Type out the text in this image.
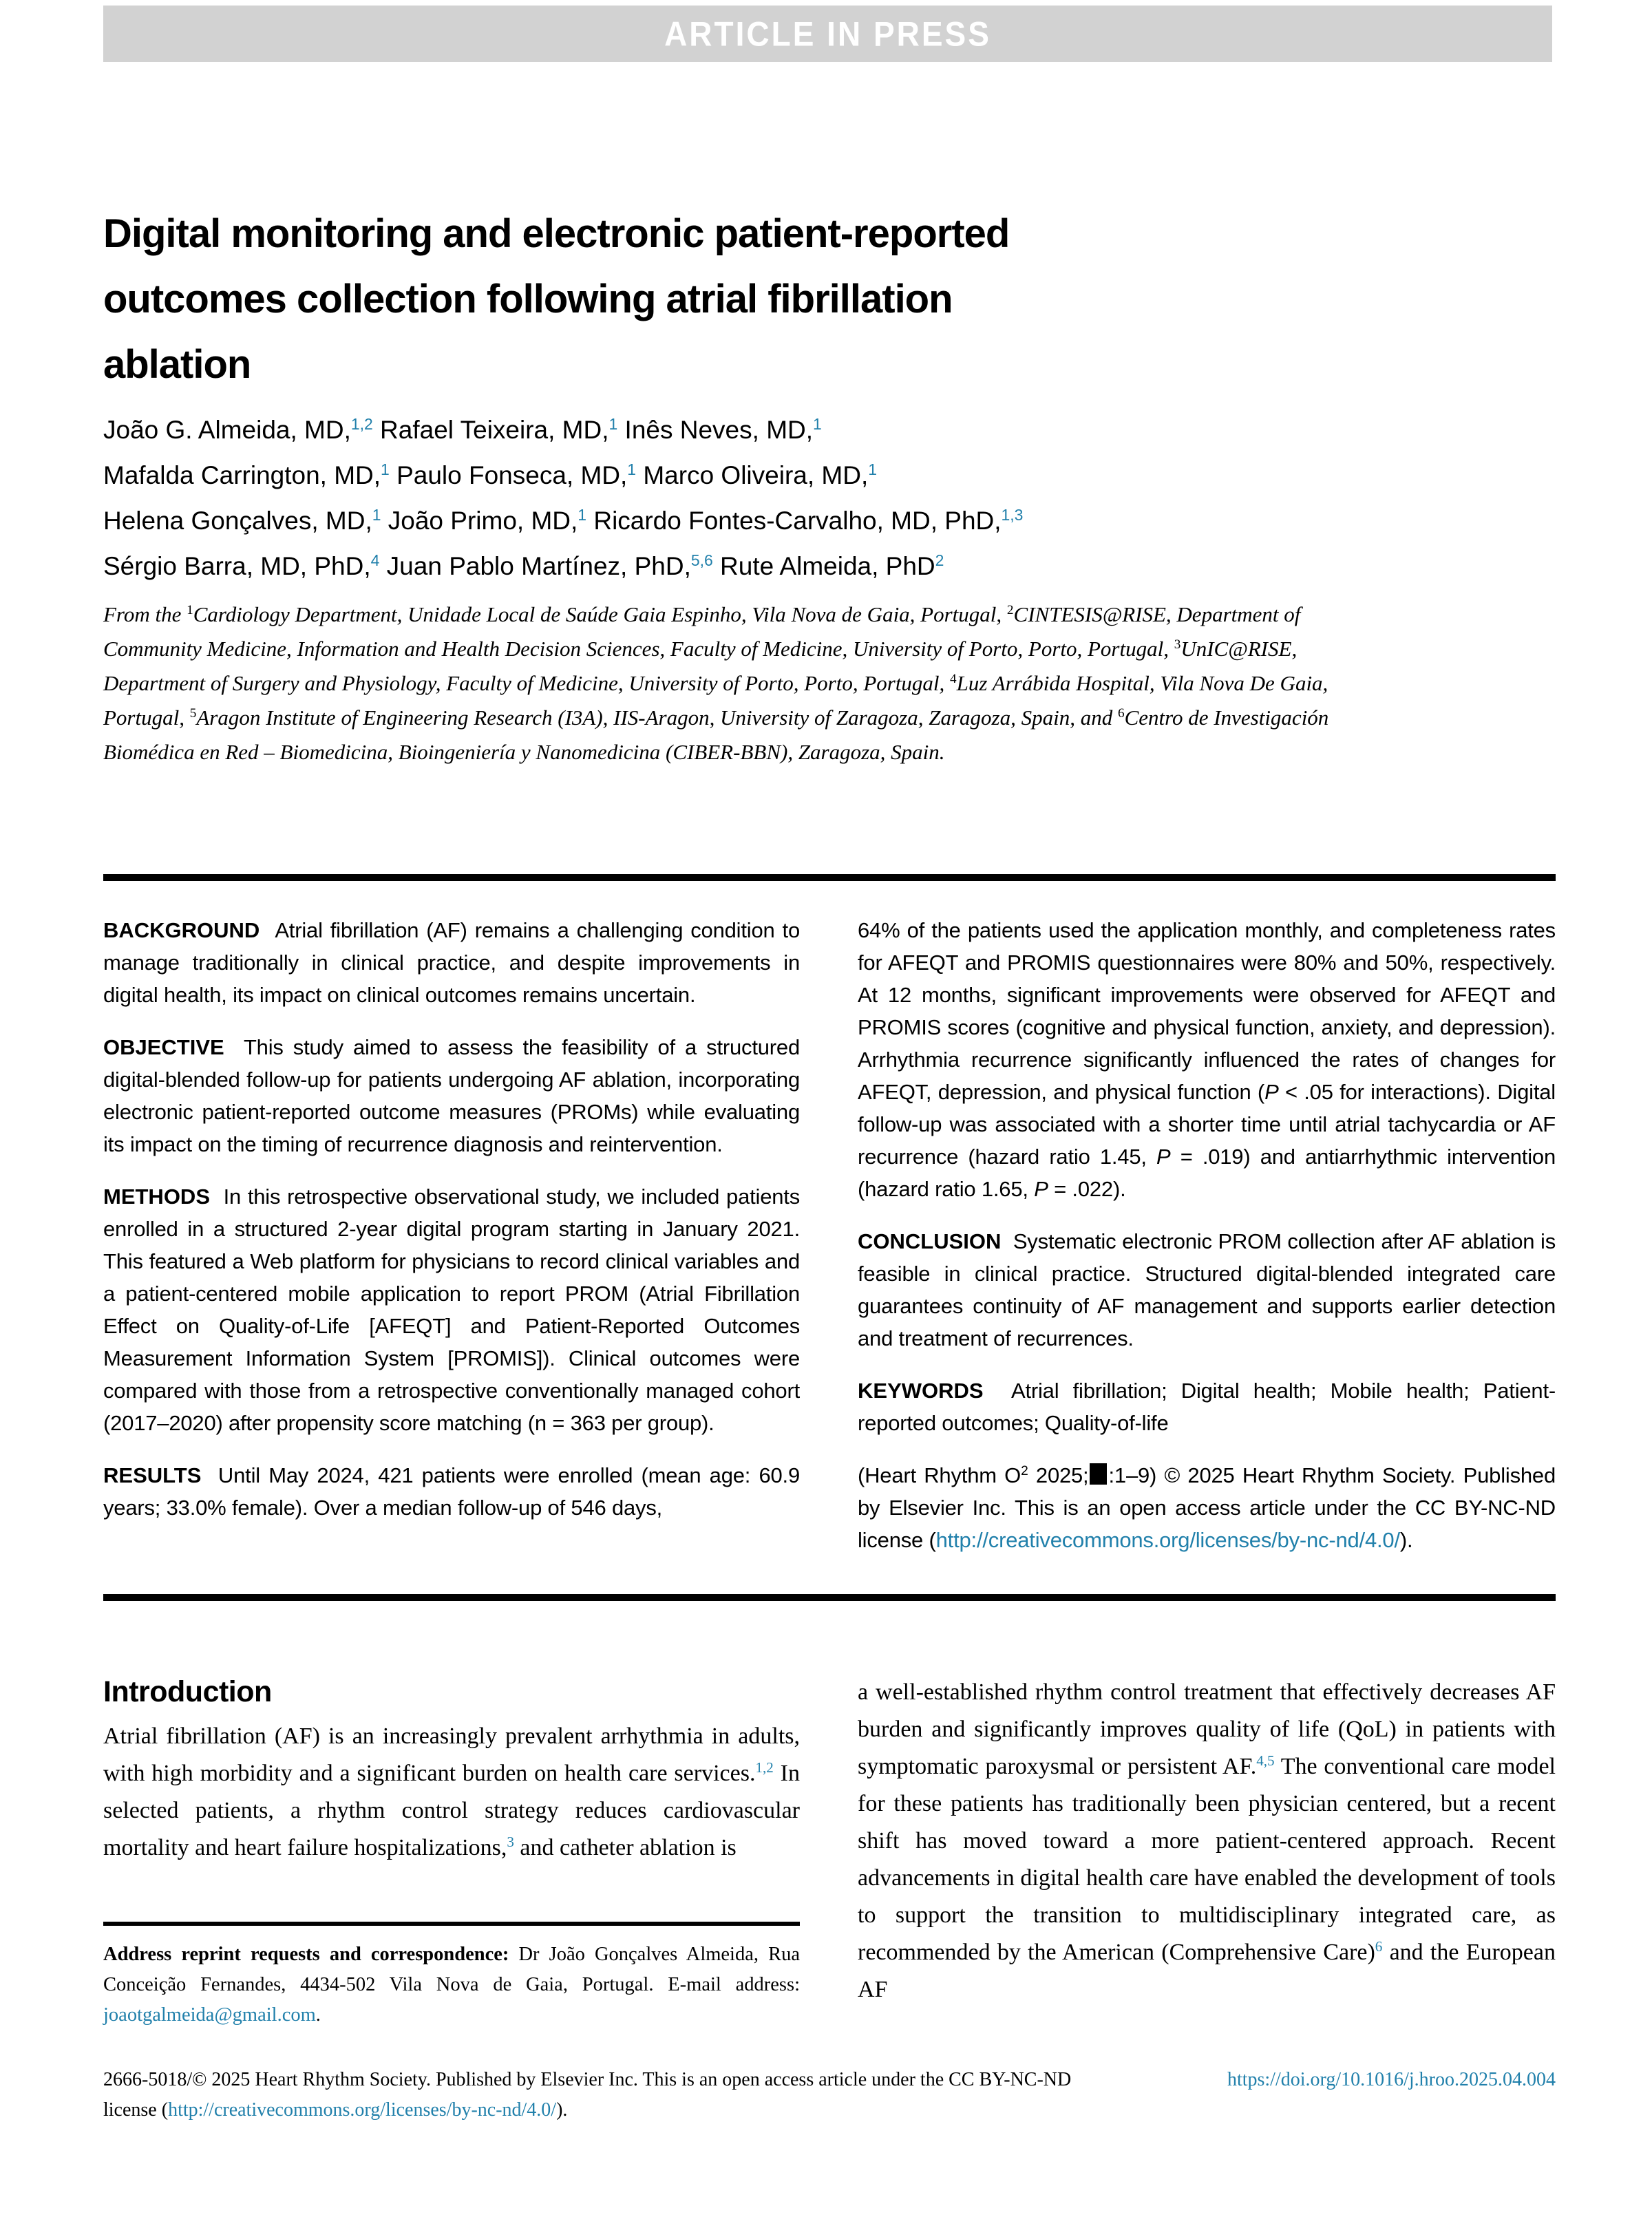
ARTICLE IN PRESS
Digital monitoring and electronic patient-reported
outcomes collection following atrial fibrillation
ablation
João G. Almeida, MD,$^{1,2}$ Rafael Teixeira, MD,$^1$ Inês Neves, MD,$^1$
Mafalda Carrington, MD,$^1$ Paulo Fonseca, MD,$^1$ Marco Oliveira, MD,$^1$
Helena Gonçalves, MD,$^1$ João Primo, MD,$^1$ Ricardo Fontes-Carvalho, MD, PhD,$^{1,3}$
Sérgio Barra, MD, PhD,$^4$ Juan Pablo Martínez, PhD,$^{5,6}$ Rute Almeida, PhD$^2$
From the $^1$Cardiology Department, Unidade Local de Saúde Gaia Espinho, Vila Nova de Gaia, Portugal, $^2$CINTESIS@RISE, Department of Community Medicine, Information and Health Decision Sciences, Faculty of Medicine, University of Porto, Porto, Portugal, $^3$UnIC@RISE, Department of Surgery and Physiology, Faculty of Medicine, University of Porto, Porto, Portugal, $^4$Luz Arrábida Hospital, Vila Nova De Gaia, Portugal, $^5$Aragon Institute of Engineering Research (I3A), IIS-Aragon, University of Zaragoza, Zaragoza, Spain, and $^6$Centro de Investigación Biomédica en Red – Biomedicina, Bioingeniería y Nanomedicina (CIBER-BBN), Zaragoza, Spain.

BACKGROUND Atrial fibrillation (AF) remains a challenging condition to manage traditionally in clinical practice, and despite improvements in digital health, its impact on clinical outcomes remains uncertain.

OBJECTIVE This study aimed to assess the feasibility of a structured digital-blended follow-up for patients undergoing AF ablation, incorporating electronic patient-reported outcome measures (PROMs) while evaluating its impact on the timing of recurrence diagnosis and reintervention.

METHODS In this retrospective observational study, we included patients enrolled in a structured 2-year digital program starting in January 2021. This featured a Web platform for physicians to record clinical variables and a patient-centered mobile application to report PROM (Atrial Fibrillation Effect on Quality-of-Life [AFEQT] and Patient-Reported Outcomes Measurement Information System [PROMIS]). Clinical outcomes were compared with those from a retrospective conventionally managed cohort (2017–2020) after propensity score matching (n = 363 per group).

RESULTS Until May 2024, 421 patients were enrolled (mean age: 60.9 years; 33.0% female). Over a median follow-up of 546 days,

64% of the patients used the application monthly, and completeness rates for AFEQT and PROMIS questionnaires were 80% and 50%, respectively. At 12 months, significant improvements were observed for AFEQT and PROMIS scores (cognitive and physical function, anxiety, and depression). Arrhythmia recurrence significantly influenced the rates of changes for AFEQT, depression, and physical function (P < .05 for interactions). Digital follow-up was associated with a shorter time until atrial tachycardia or AF recurrence (hazard ratio 1.45, P = .019) and antiarrhythmic intervention (hazard ratio 1.65, P = .022).

CONCLUSION Systematic electronic PROM collection after AF ablation is feasible in clinical practice. Structured digital-blended integrated care guarantees continuity of AF management and supports earlier detection and treatment of recurrences.

KEYWORDS Atrial fibrillation; Digital health; Mobile health; Patient-reported outcomes; Quality-of-life

(Heart Rhythm $O^2$ 2025; :1–9) © 2025 Heart Rhythm Society. Published by Elsevier Inc. This is an open access article under the CC BY-NC-ND license (http://creativecommons.org/licenses/by-nc-nd/4.0/).

Introduction

Atrial fibrillation (AF) is an increasingly prevalent arrhythmia in adults, with high morbidity and a significant burden on health care services.$^{1,2}$ In selected patients, a rhythm control strategy reduces cardiovascular mortality and heart failure hospitalizations,$^3$ and catheter ablation is

a well-established rhythm control treatment that effectively decreases AF burden and significantly improves quality of life (QoL) in patients with symptomatic paroxysmal or persistent AF.$^{4,5}$ The conventional care model for these patients has traditionally been physician centered, but a recent shift has moved toward a more patient-centered approach. Recent advancements in digital health care have enabled the development of tools to support the transition to multidisciplinary integrated care, as recommended by the American (Comprehensive Care)$^6$ and the European AF

Address reprint requests and correspondence: Dr João Gonçalves Almeida, Rua Conceição Fernandes, 4434-502 Vila Nova de Gaia, Portugal. E-mail address: joaotgalmeida@gmail.com.
2666-5018/© 2025 Heart Rhythm Society. Published by Elsevier Inc. This is an open access article under the CC BY-NC-ND license (http://creativecommons.org/licenses/by-nc-nd/4.0/).
https://doi.org/10.1016/j.hroo.2025.04.004
